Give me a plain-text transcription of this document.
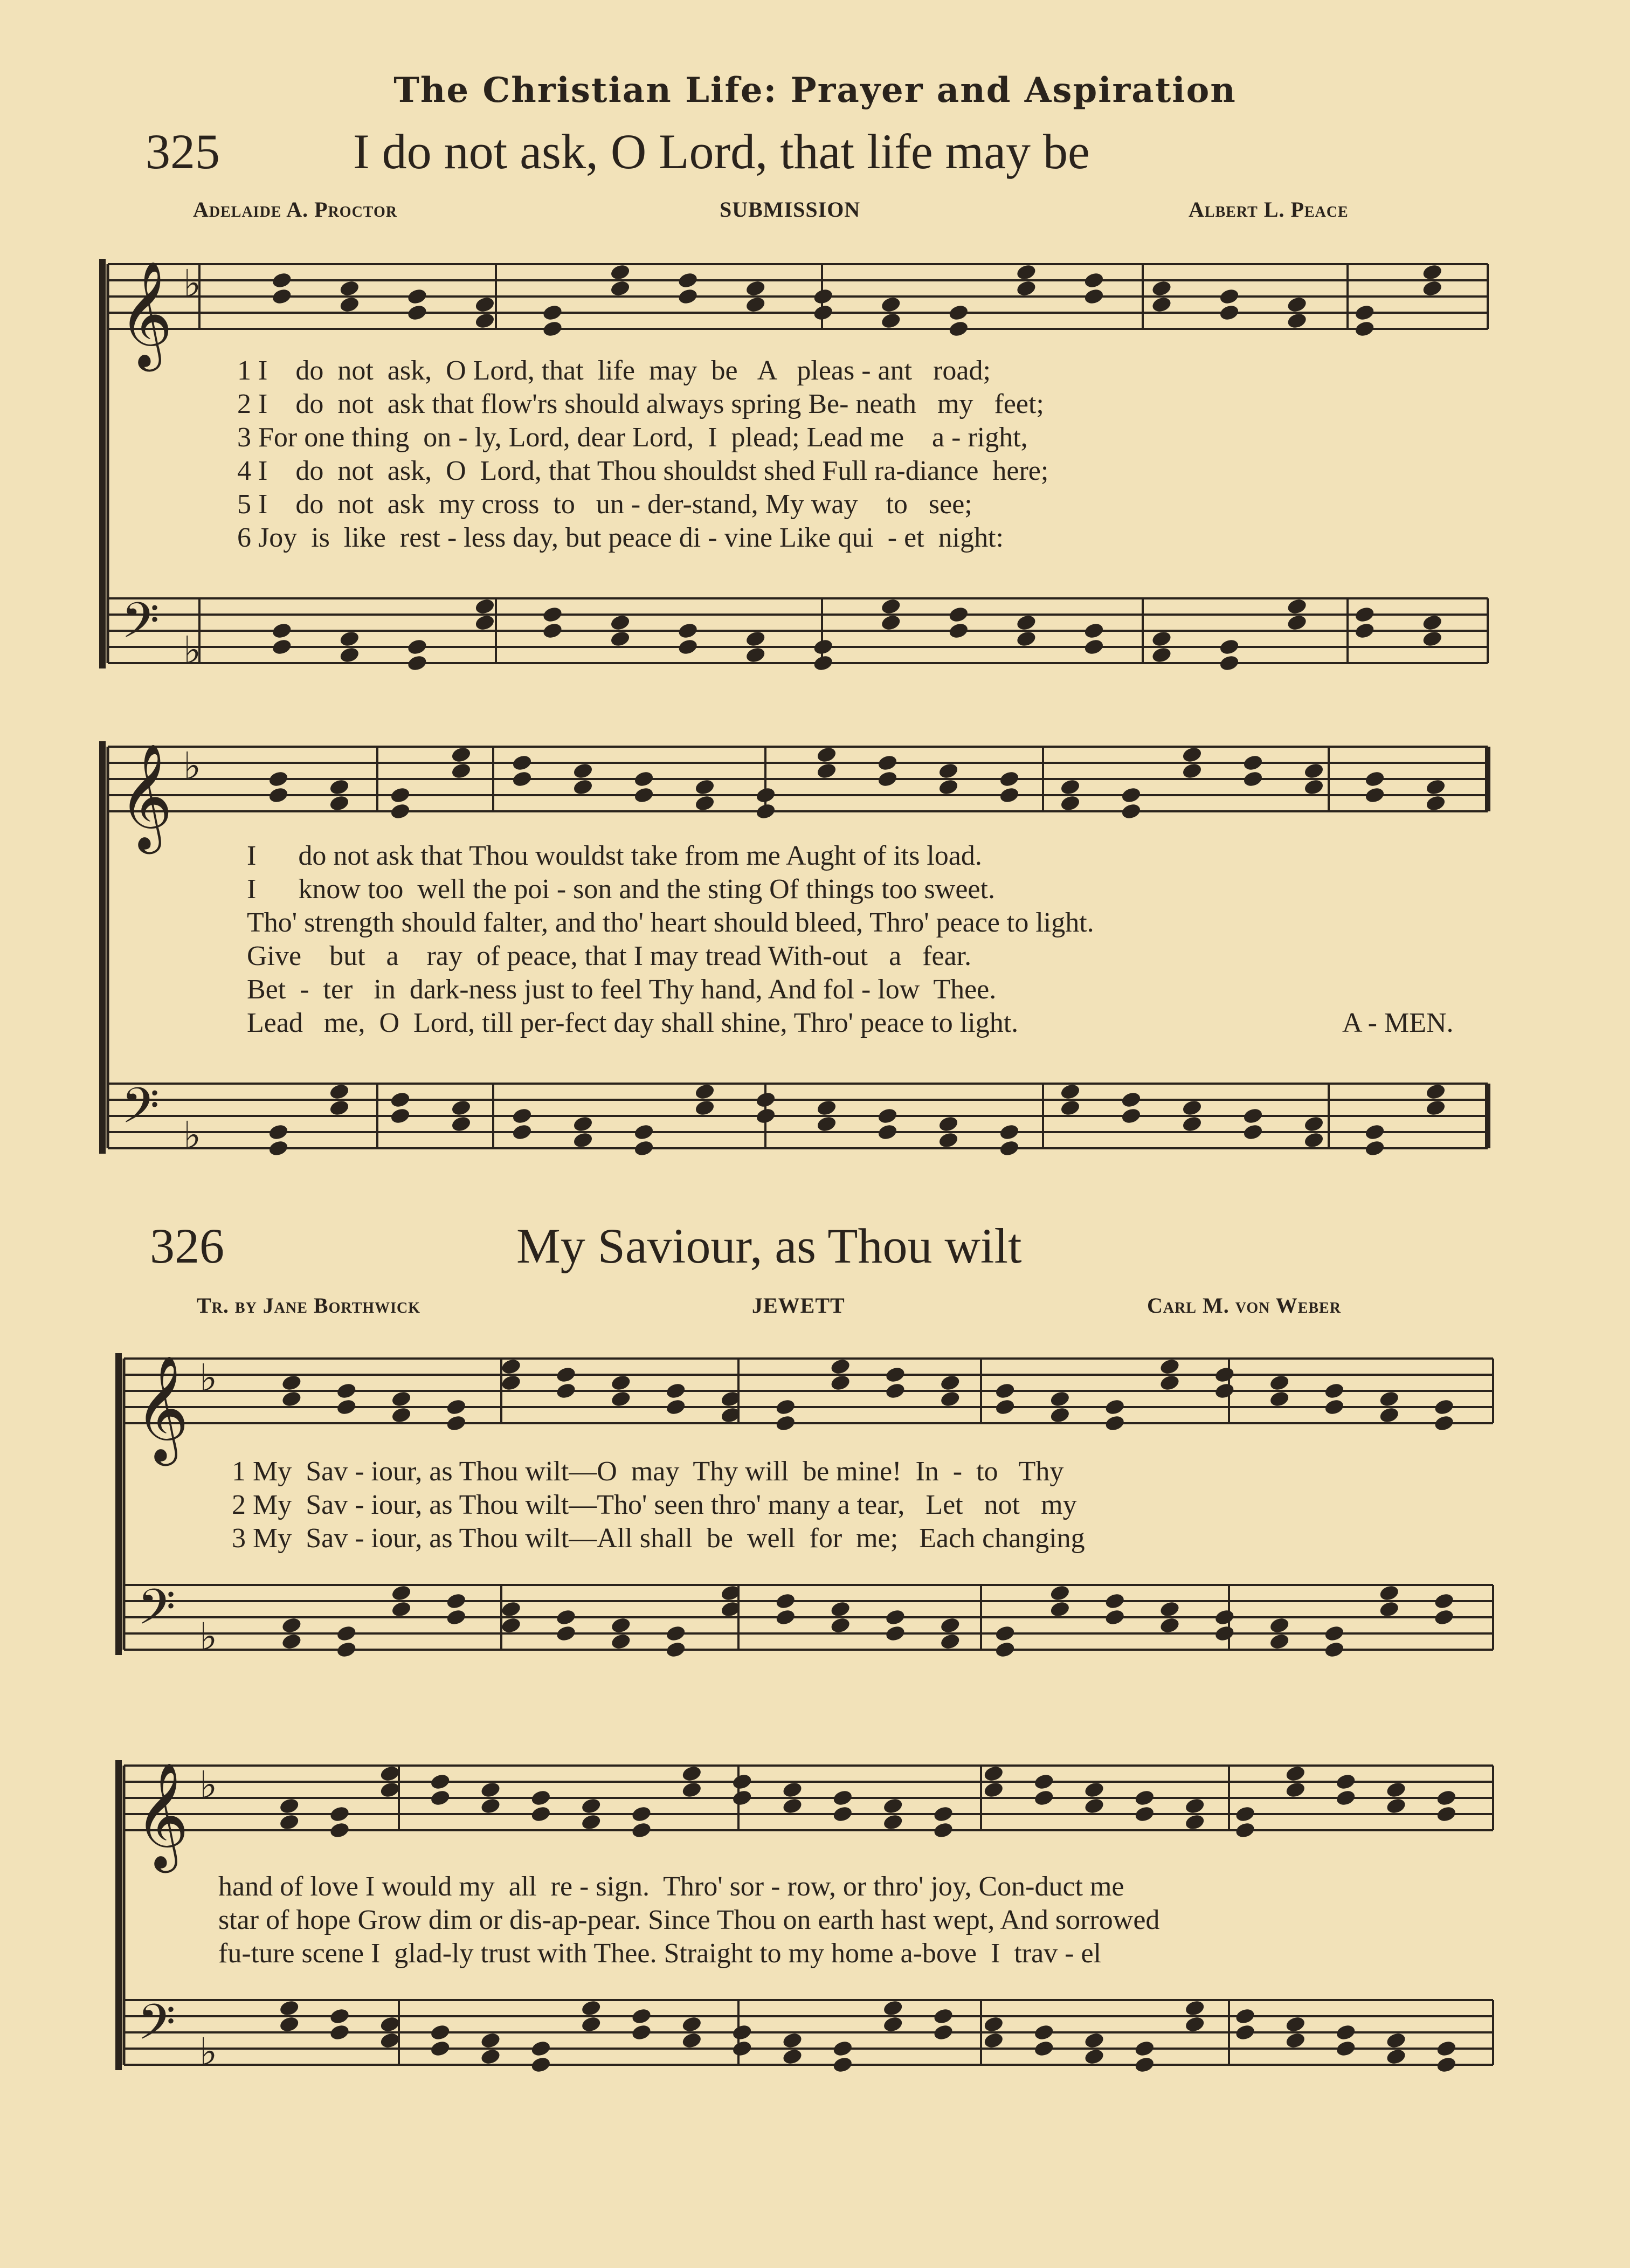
The Christian Life: Prayer and Aspiration
325	I do not ask, O Lord, that life may be
Adelaide A. Proctor	SUBMISSION	Albert L. Peace
𝄞
𝄢
♭
♭
𝄞
𝄢
♭
♭
𝄞
𝄢
♭
♭
𝄞
𝄢
♭
♭
1 I    do  not  ask,  O Lord, that  life  may  be   A   pleas - ant   road;
2 I    do  not  ask that flow'rs should always spring Be- neath   my   feet;
3 For one thing  on - ly, Lord, dear Lord,  I  plead; Lead me    a - right,
4 I    do  not  ask,  O  Lord, that Thou shouldst shed Full ra-diance  here;
5 I    do  not  ask  my cross  to   un - der-stand, My way    to   see;
6 Joy  is  like  rest - less day, but peace di - vine Like qui  - et  night:
I      do not ask that Thou wouldst take from me Aught of its load.
I      know too  well the poi - son and the sting Of things too sweet.
Tho' strength should falter, and tho' heart should bleed, Thro' peace to light.
Give    but   a    ray  of peace, that I may tread With-out   a   fear.
Bet  -  ter   in  dark-ness just to feel Thy hand, And fol - low  Thee.
Lead   me,  O  Lord, till per-fect day shall shine, Thro' peace to light.	A - MEN.
326	My Saviour, as Thou wilt
Tr. by Jane Borthwick	JEWETT	Carl M. von Weber
1 My  Sav - iour, as Thou wilt—O  may  Thy will  be mine!  In  -  to   Thy
2 My  Sav - iour, as Thou wilt—Tho' seen thro' many a tear,   Let   not   my
3 My  Sav - iour, as Thou wilt—All shall  be  well  for  me;   Each changing
hand of love I would my  all  re - sign.  Thro' sor - row, or thro' joy, Con-duct me
star of hope Grow dim or dis-ap-pear. Since Thou on earth hast wept, And sorrowed
fu-ture scene I  glad-ly trust with Thee. Straight to my home a-bove  I  trav - el
